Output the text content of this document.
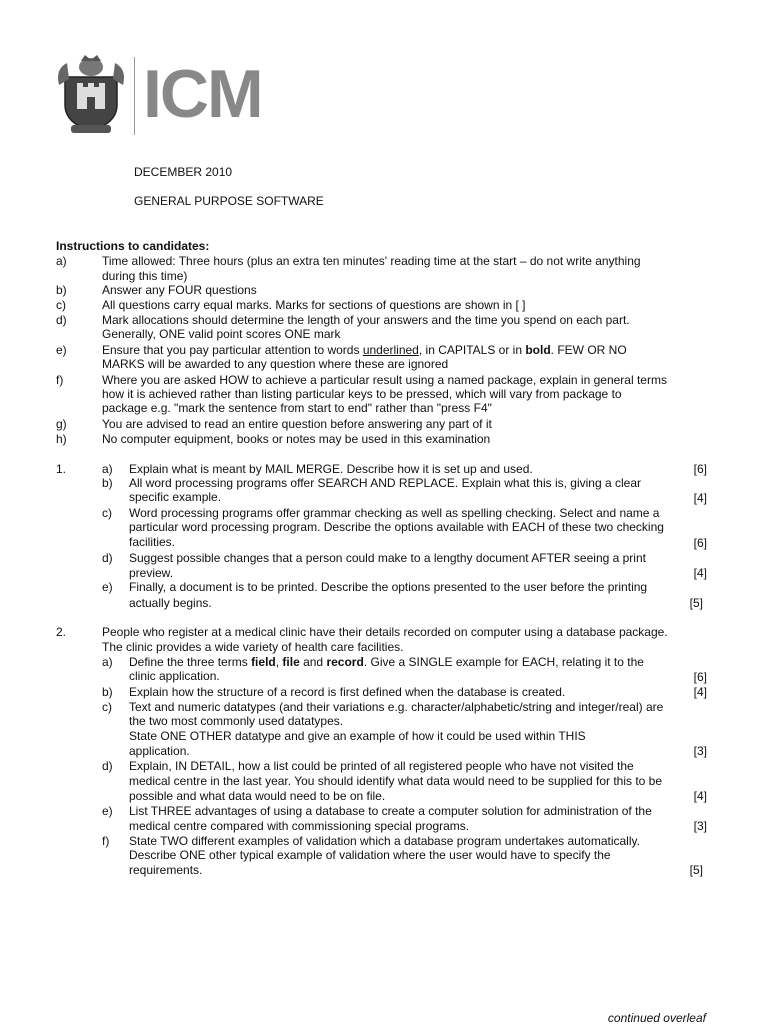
ICM
DECEMBER 2010
GENERAL PURPOSE SOFTWARE
Instructions to candidates:
a)	Time allowed: Three hours (plus an extra ten minutes' reading time at the start – do not write anything
during this time)
b)	Answer any FOUR questions
c)	All questions carry equal marks. Marks for sections of questions are shown in [ ]
d)	Mark allocations should determine the length of your answers and the time you spend on each part.
Generally, ONE valid point scores ONE mark
e)	Ensure that you pay particular attention to words underlined, in CAPITALS or in bold. FEW OR NO
MARKS will be awarded to any question where these are ignored
f)	Where you are asked HOW to achieve a particular result using a named package, explain in general terms
how it is achieved rather than listing particular keys to be pressed, which will vary from package to
package e.g. "mark the sentence from start to end" rather than "press F4"
g)	You are advised to read an entire question before answering any part of it
h)	No computer equipment, books or notes may be used in this examination
1.	a) Explain what is meant by MAIL MERGE. Describe how it is set up and used.	[6]
b) All word processing programs offer SEARCH AND REPLACE. Explain what this is, giving a clear
specific example.	[4]
c) Word processing programs offer grammar checking as well as spelling checking. Select and name a
particular word processing program. Describe the options available with EACH of these two checking
facilities.	[6]
d) Suggest possible changes that a person could make to a lengthy document AFTER seeing a print
preview.	[4]
e) Finally, a document is to be printed. Describe the options presented to the user before the printing
actually begins.	[5]
2.	People who register at a medical clinic have their details recorded on computer using a database package.
The clinic provides a wide variety of health care facilities.
a) Define the three terms field, file and record. Give a SINGLE example for EACH, relating it to the
clinic application.	[6]
b) Explain how the structure of a record is first defined when the database is created.	[4]
c) Text and numeric datatypes (and their variations e.g. character/alphabetic/string and integer/real) are
the two most commonly used datatypes.
State ONE OTHER datatype and give an example of how it could be used within THIS
application.	[3]
d) Explain, IN DETAIL, how a list could be printed of all registered people who have not visited the
medical centre in the last year. You should identify what data would need to be supplied for this to be
possible and what data would need to be on file.	[4]
e) List THREE advantages of using a database to create a computer solution for administration of the
medical centre compared with commissioning special programs.	[3]
f) State TWO different examples of validation which a database program undertakes automatically.
Describe ONE other typical example of validation where the user would have to specify the
requirements.	[5]
continued overleaf
